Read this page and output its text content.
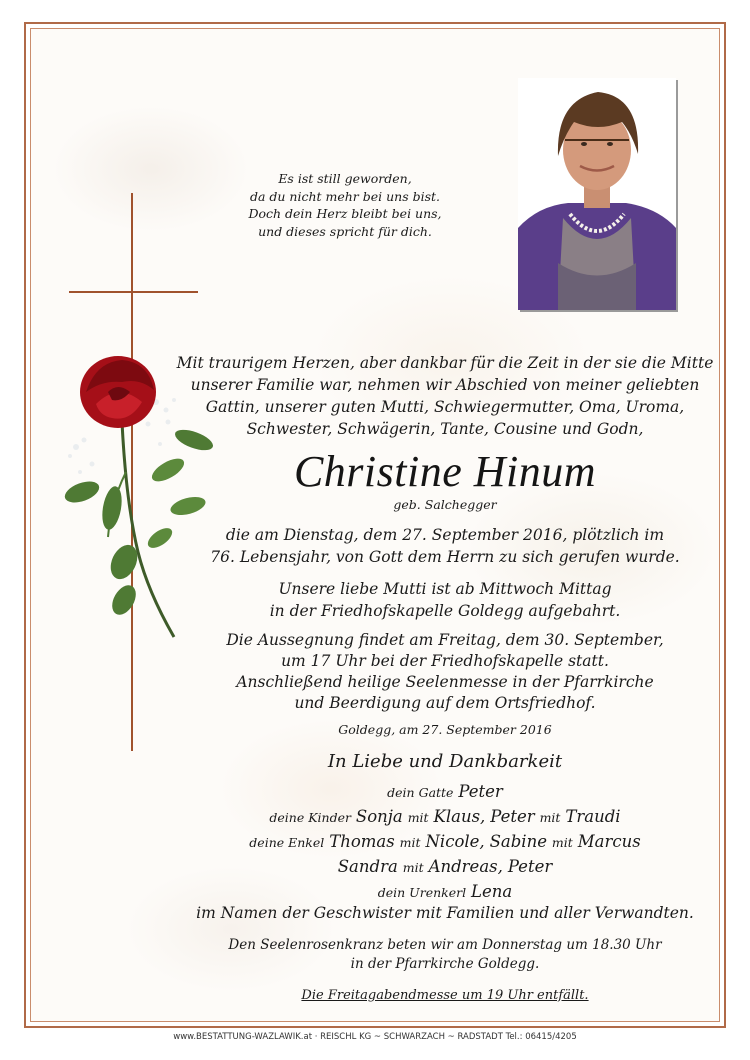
Es ist still geworden,
da du nicht mehr bei uns bist.
Doch dein Herz bleibt bei uns,
und dieses spricht für dich.
Mit traurigem Herzen, aber dankbar für die Zeit in der sie die Mitte
unserer Familie war, nehmen wir Abschied von meiner geliebten
Gattin, unserer guten Mutti, Schwiegermutter, Oma, Uroma,
Schwester, Schwägerin, Tante, Cousine und Godn,
Christine Hinum
geb. Salchegger
die am Dienstag, dem 27. September 2016, plötzlich im
76. Lebensjahr, von Gott dem Herrn zu sich gerufen wurde.
Unsere liebe Mutti ist ab Mittwoch Mittag
in der Friedhofskapelle Goldegg aufgebahrt.
Die Aussegnung findet am Freitag, dem 30. September,
um 17 Uhr bei der Friedhofskapelle statt.
Anschließend heilige Seelenmesse in der Pfarrkirche
und Beerdigung auf dem Ortsfriedhof.
Goldegg, am 27. September 2016
In Liebe und Dankbarkeit
dein Gatte Peter
deine Kinder Sonja mit Klaus, Peter mit Traudi
deine Enkel Thomas mit Nicole, Sabine mit Marcus
Sandra mit Andreas, Peter
dein Urenkerl Lena
im Namen der Geschwister mit Familien und aller Verwandten.
Den Seelenrosenkranz beten wir am Donnerstag um 18.30 Uhr
in der Pfarrkirche Goldegg.
Die Freitagabendmesse um 19 Uhr entfällt.
www.BESTATTUNG-WAZLAWIK.at · REISCHL KG ~ SCHWARZACH ~ RADSTADT Tel.: 06415/4205
